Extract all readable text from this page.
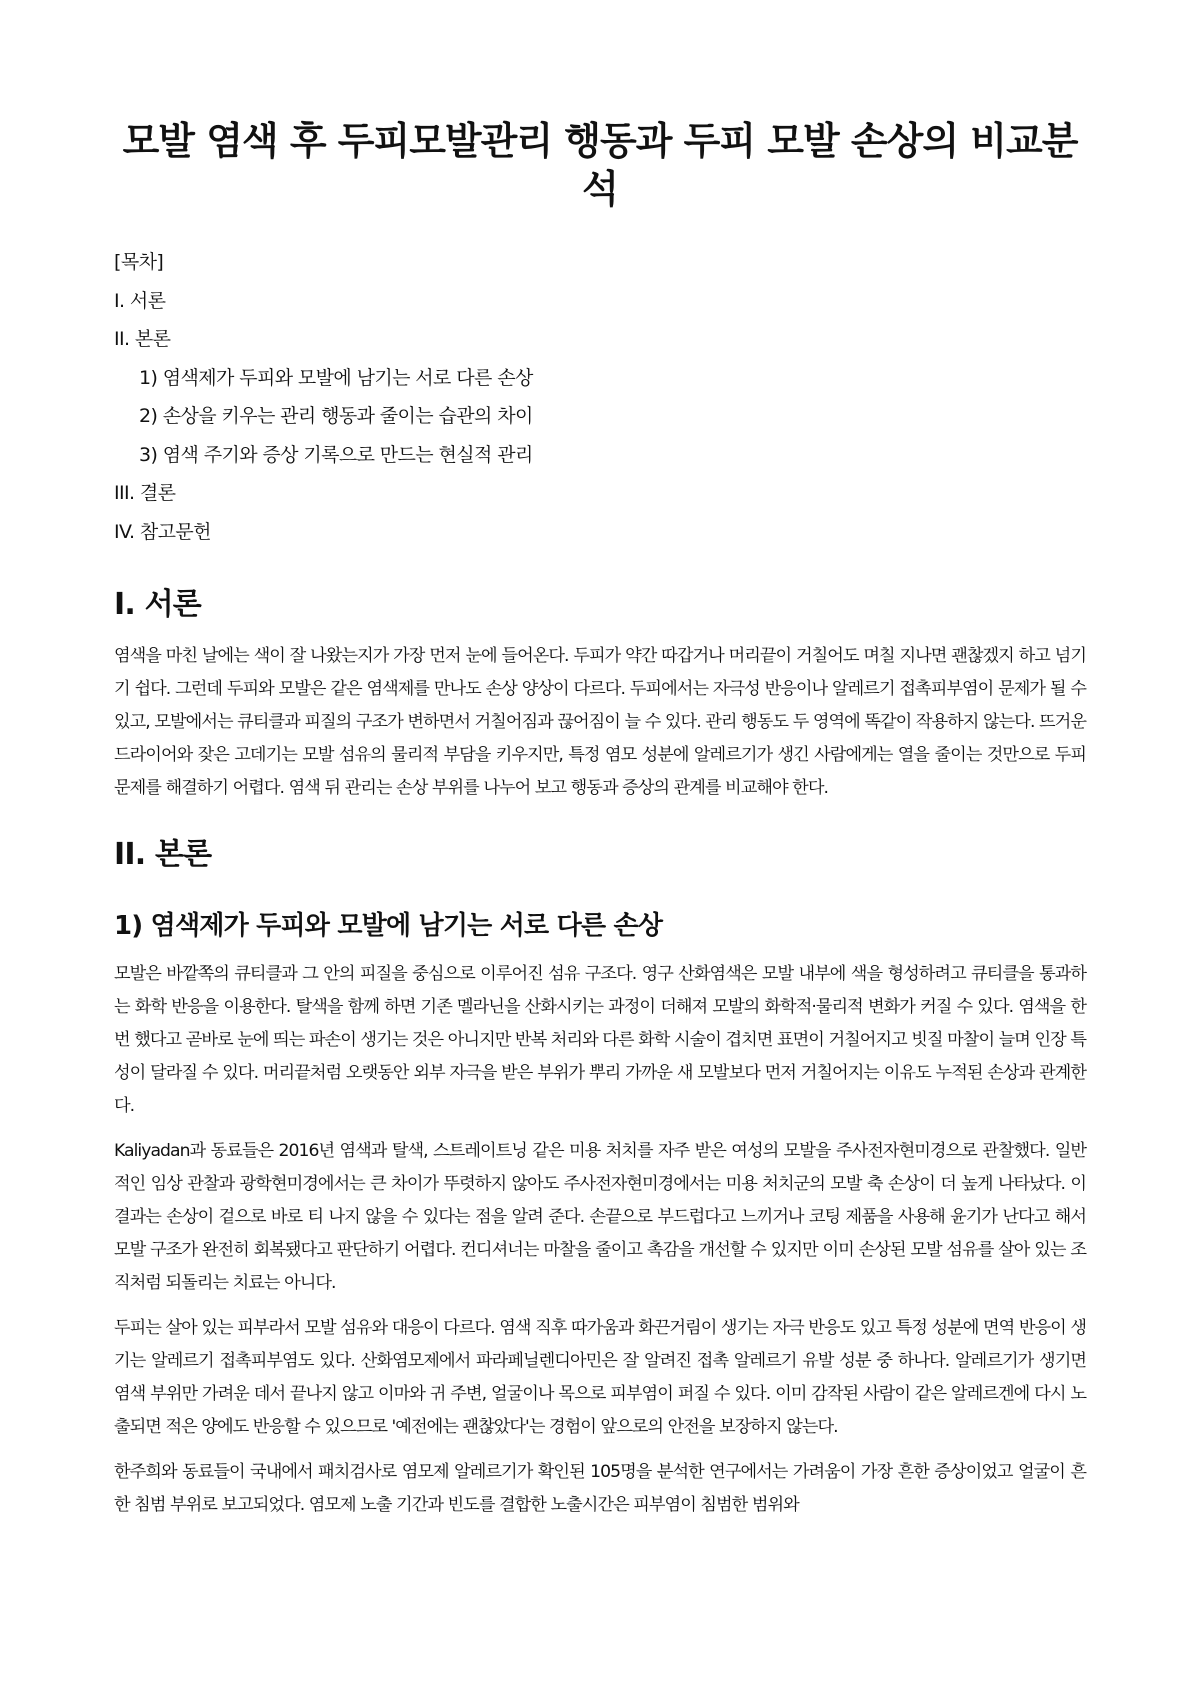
모발 염색 후 두피모발관리 행동과 두피 모발 손상의 비교분석
[목차]
I. 서론
II. 본론
1) 염색제가 두피와 모발에 남기는 서로 다른 손상
2) 손상을 키우는 관리 행동과 줄이는 습관의 차이
3) 염색 주기와 증상 기록으로 만드는 현실적 관리
III. 결론
IV. 참고문헌
I. 서론

염색을 마친 날에는 색이 잘 나왔는지가 가장 먼저 눈에 들어온다. 두피가 약간 따갑거나 머리끝이 거칠어도 며칠 지나면 괜찮겠지 하고 넘기기 쉽다. 그런데 두피와 모발은 같은 염색제를 만나도 손상 양상이 다르다. 두피에서는 자극성 반응이나 알레르기 접촉피부염이 문제가 될 수 있고, 모발에서는 큐티클과 피질의 구조가 변하면서 거칠어짐과 끊어짐이 늘 수 있다. 관리 행동도 두 영역에 똑같이 작용하지 않는다. 뜨거운 드라이어와 잦은 고데기는 모발 섬유의 물리적 부담을 키우지만, 특정 염모 성분에 알레르기가 생긴 사람에게는 열을 줄이는 것만으로 두피 문제를 해결하기 어렵다. 염색 뒤 관리는 손상 부위를 나누어 보고 행동과 증상의 관계를 비교해야 한다.

II. 본론
1) 염색제가 두피와 모발에 남기는 서로 다른 손상

모발은 바깥쪽의 큐티클과 그 안의 피질을 중심으로 이루어진 섬유 구조다. 영구 산화염색은 모발 내부에 색을 형성하려고 큐티클을 통과하는 화학 반응을 이용한다. 탈색을 함께 하면 기존 멜라닌을 산화시키는 과정이 더해져 모발의 화학적·물리적 변화가 커질 수 있다. 염색을 한 번 했다고 곧바로 눈에 띄는 파손이 생기는 것은 아니지만 반복 처리와 다른 화학 시술이 겹치면 표면이 거칠어지고 빗질 마찰이 늘며 인장 특성이 달라질 수 있다. 머리끝처럼 오랫동안 외부 자극을 받은 부위가 뿌리 가까운 새 모발보다 먼저 거칠어지는 이유도 누적된 손상과 관계한다.

Kaliyadan과 동료들은 2016년 염색과 탈색, 스트레이트닝 같은 미용 처치를 자주 받은 여성의 모발을 주사전자현미경으로 관찰했다. 일반적인 임상 관찰과 광학현미경에서는 큰 차이가 뚜렷하지 않아도 주사전자현미경에서는 미용 처치군의 모발 축 손상이 더 높게 나타났다. 이 결과는 손상이 겉으로 바로 티 나지 않을 수 있다는 점을 알려 준다. 손끝으로 부드럽다고 느끼거나 코팅 제품을 사용해 윤기가 난다고 해서 모발 구조가 완전히 회복됐다고 판단하기 어렵다. 컨디셔너는 마찰을 줄이고 촉감을 개선할 수 있지만 이미 손상된 모발 섬유를 살아 있는 조직처럼 되돌리는 치료는 아니다.

두피는 살아 있는 피부라서 모발 섬유와 대응이 다르다. 염색 직후 따가움과 화끈거림이 생기는 자극 반응도 있고 특정 성분에 면역 반응이 생기는 알레르기 접촉피부염도 있다. 산화염모제에서 파라페닐렌디아민은 잘 알려진 접촉 알레르기 유발 성분 중 하나다. 알레르기가 생기면 염색 부위만 가려운 데서 끝나지 않고 이마와 귀 주변, 얼굴이나 목으로 피부염이 퍼질 수 있다. 이미 감작된 사람이 같은 알레르겐에 다시 노출되면 적은 양에도 반응할 수 있으므로 '예전에는 괜찮았다'는 경험이 앞으로의 안전을 보장하지 않는다.

한주희와 동료들이 국내에서 패치검사로 염모제 알레르기가 확인된 105명을 분석한 연구에서는 가려움이 가장 흔한 증상이었고 얼굴이 흔한 침범 부위로 보고되었다. 염모제 노출 기간과 빈도를 결합한 노출시간은 피부염이 침범한 범위와
